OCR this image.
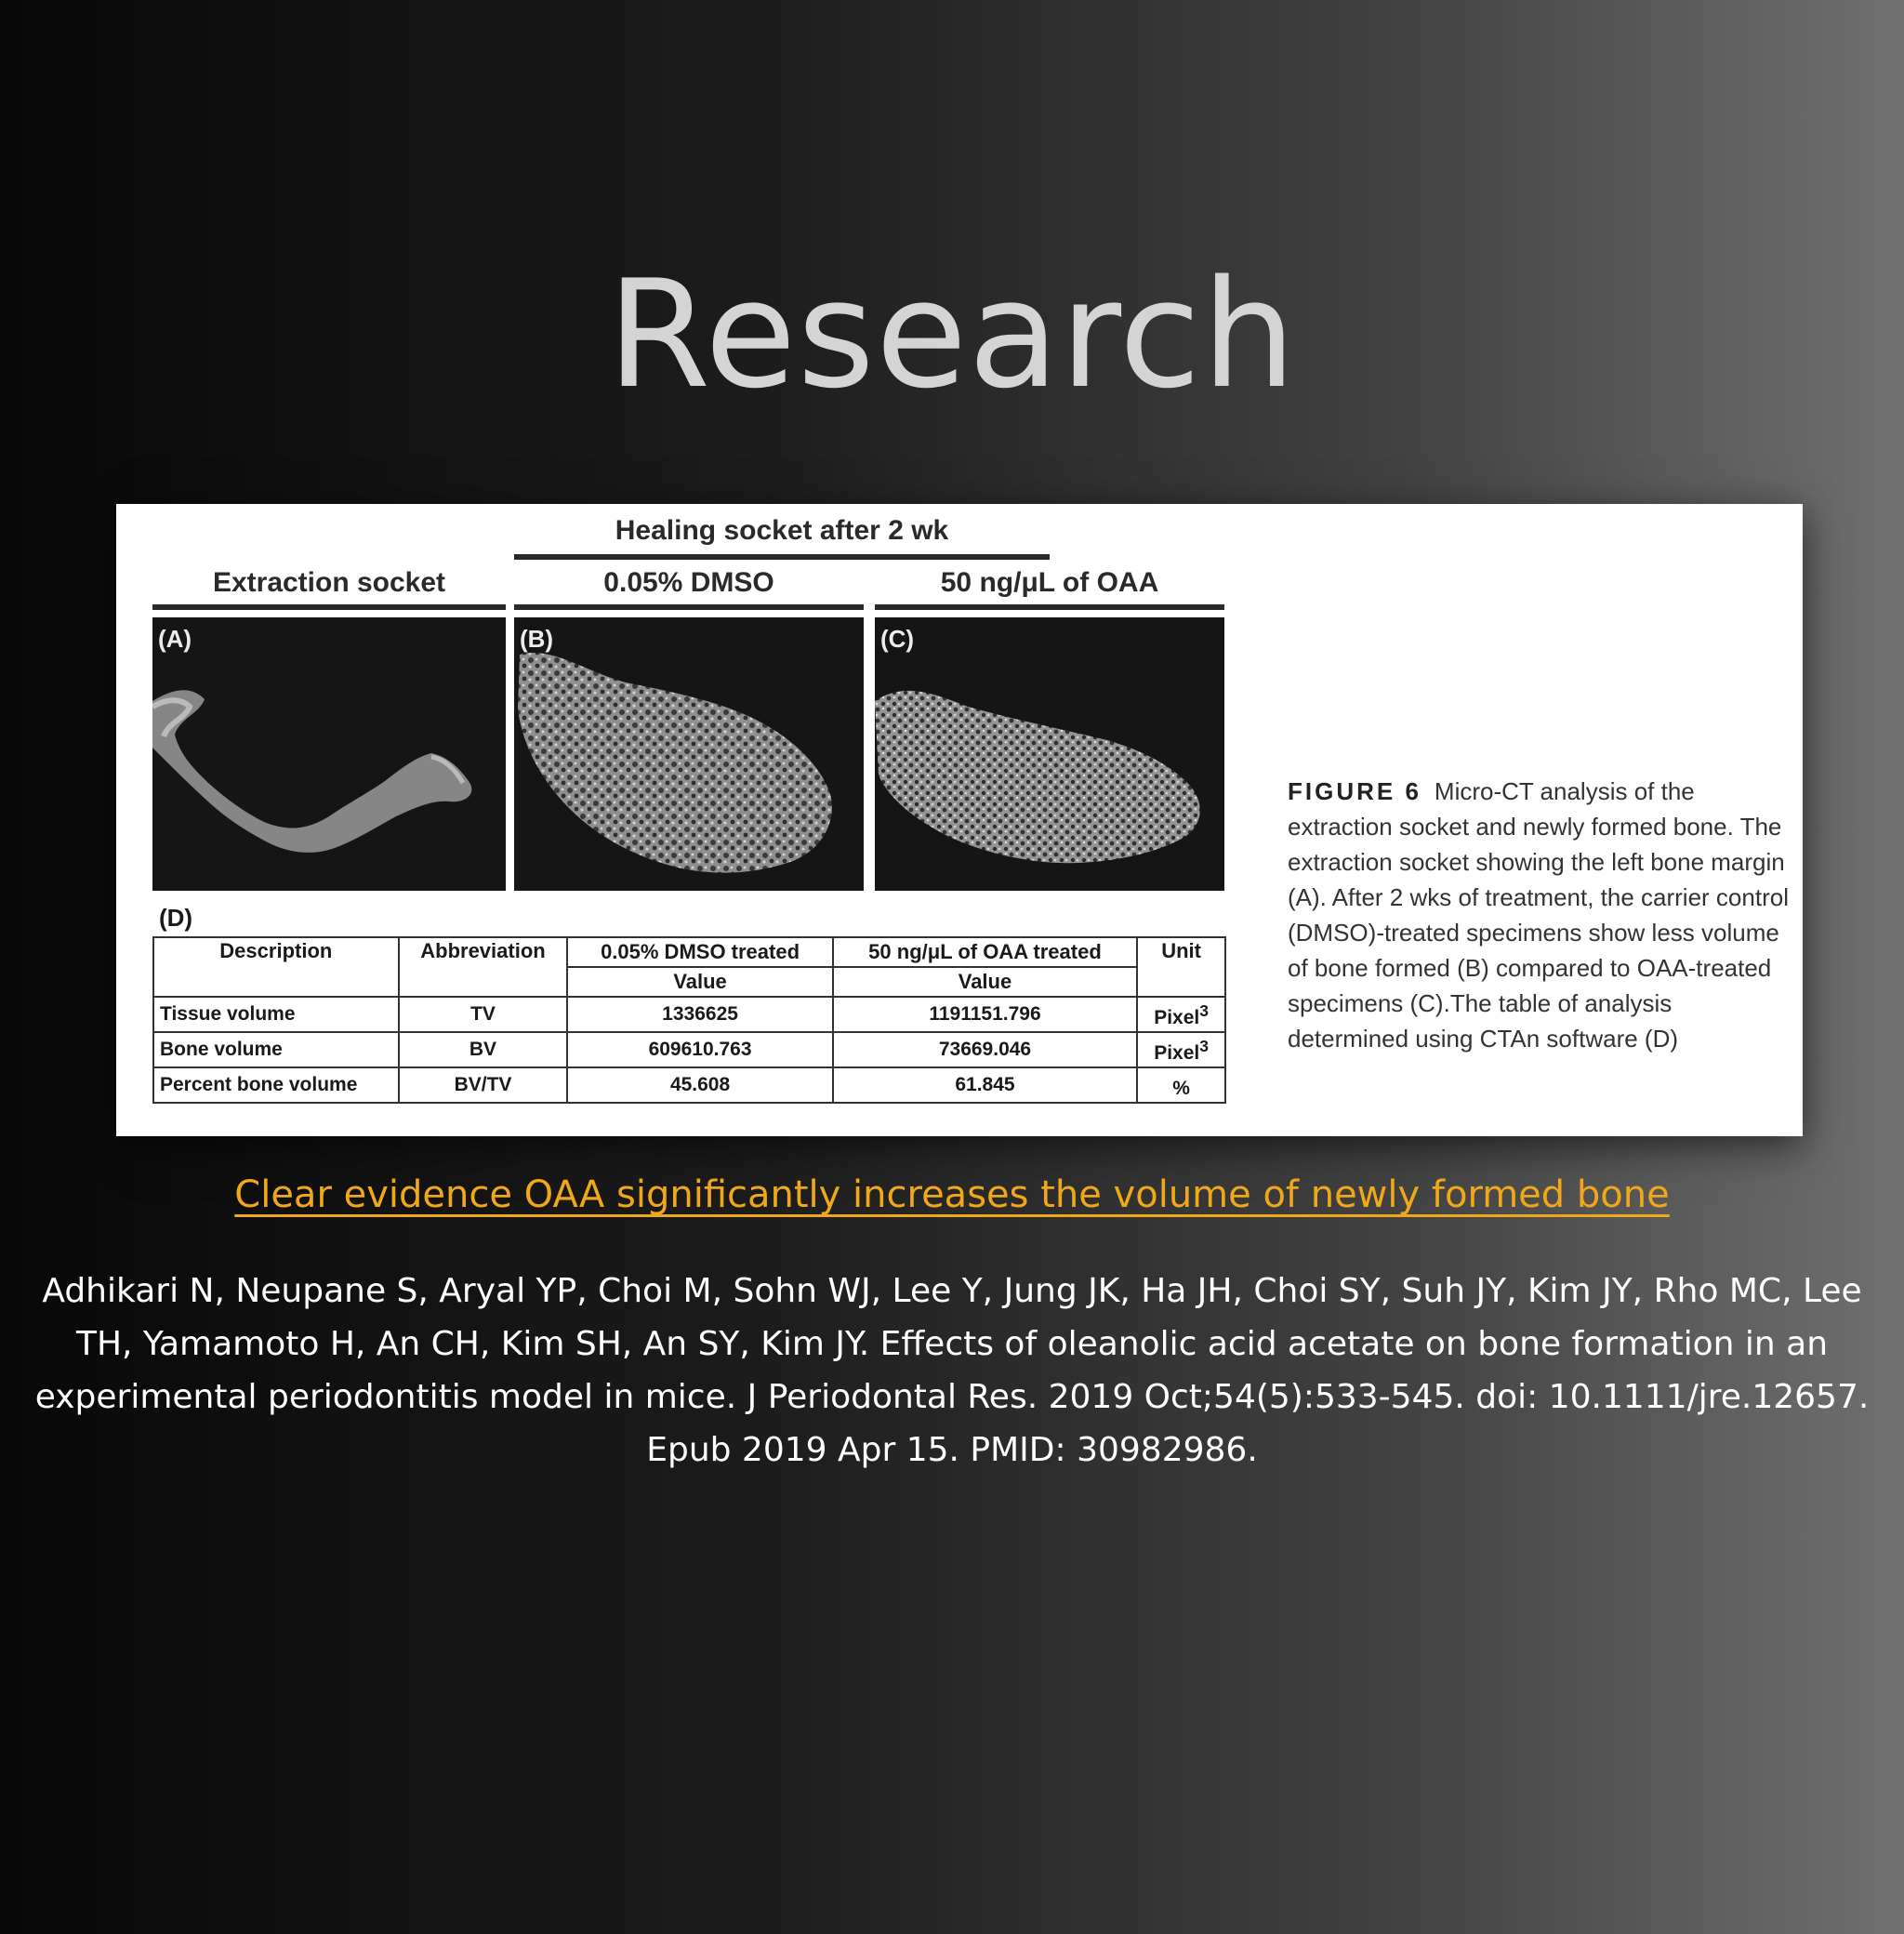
Research
Healing socket after 2 wk
Extraction socket	0.05% DMSO	50 ng/μL of OAA
(A)	(B)	(C)
(D)
Description	Abbreviation	0.05% DMSO treated	50 ng/μL of OAA treated	Unit
		Value	Value	
Tissue volume	TV	1336625	1191151.796	Pixel$^3$
Bone volume	BV	609610.763	73669.046	Pixel$^3$
Percent bone volume	BV/TV	45.608	61.845	%
FIGURE 6 Micro-CT analysis of the extraction socket and newly formed bone. The extraction socket showing the left bone margin (A). After 2 wks of treatment, the carrier control (DMSO)-treated specimens show less volume of bone formed (B) compared to OAA-treated specimens (C).The table of analysis determined using CTAn software (D)
Clear evidence OAA significantly increases the volume of newly formed bone
Adhikari N, Neupane S, Aryal YP, Choi M, Sohn WJ, Lee Y, Jung JK, Ha JH, Choi SY, Suh JY, Kim JY, Rho MC, Lee TH, Yamamoto H, An CH, Kim SH, An SY, Kim JY. Effects of oleanolic acid acetate on bone formation in an experimental periodontitis model in mice. J Periodontal Res. 2019 Oct;54(5):533-545. doi: 10.1111/jre.12657. Epub 2019 Apr 15. PMID: 30982986.
